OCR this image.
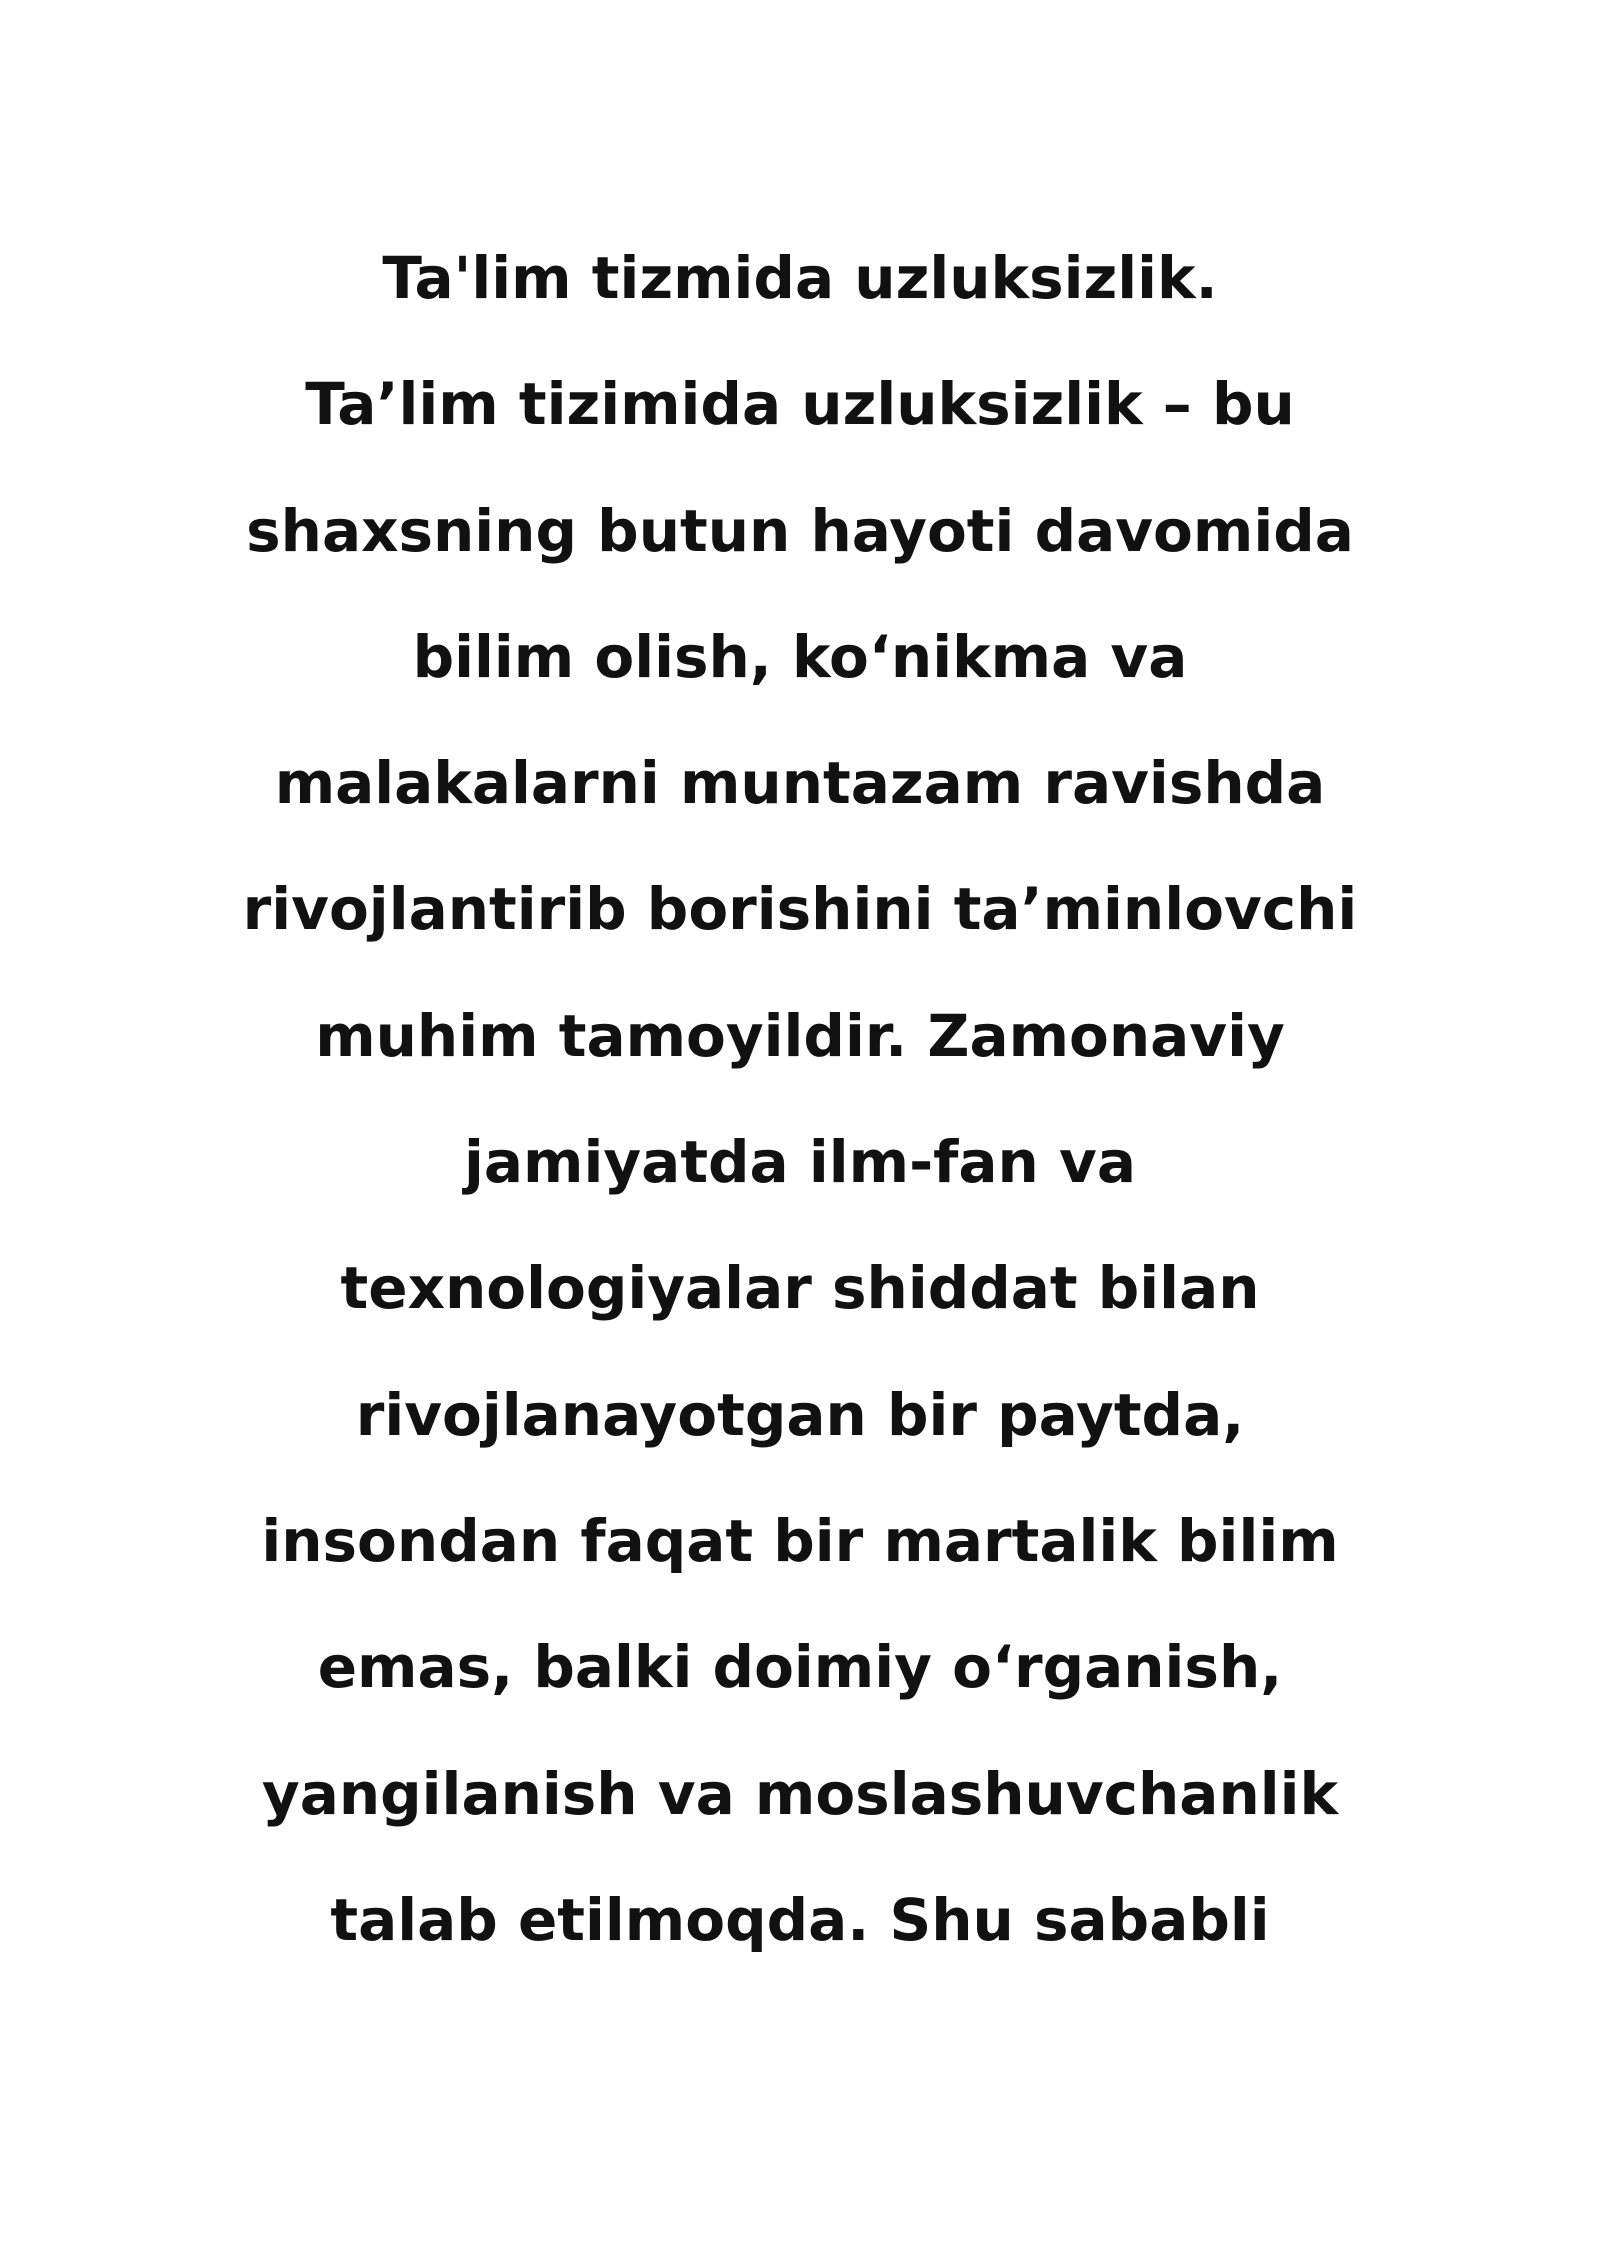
Ta'lim tizmida uzluksizlik.
Ta’lim tizimida uzluksizlik – bu
shaxsning butun hayoti davomida
bilim olish, ko‘nikma va
malakalarni muntazam ravishda
rivojlantirib borishini ta’minlovchi
muhim tamoyildir. Zamonaviy
jamiyatda ilm-fan va
texnologiyalar shiddat bilan
rivojlanayotgan bir paytda,
insondan faqat bir martalik bilim
emas, balki doimiy o‘rganish,
yangilanish va moslashuvchanlik
talab etilmoqda. Shu sababli
